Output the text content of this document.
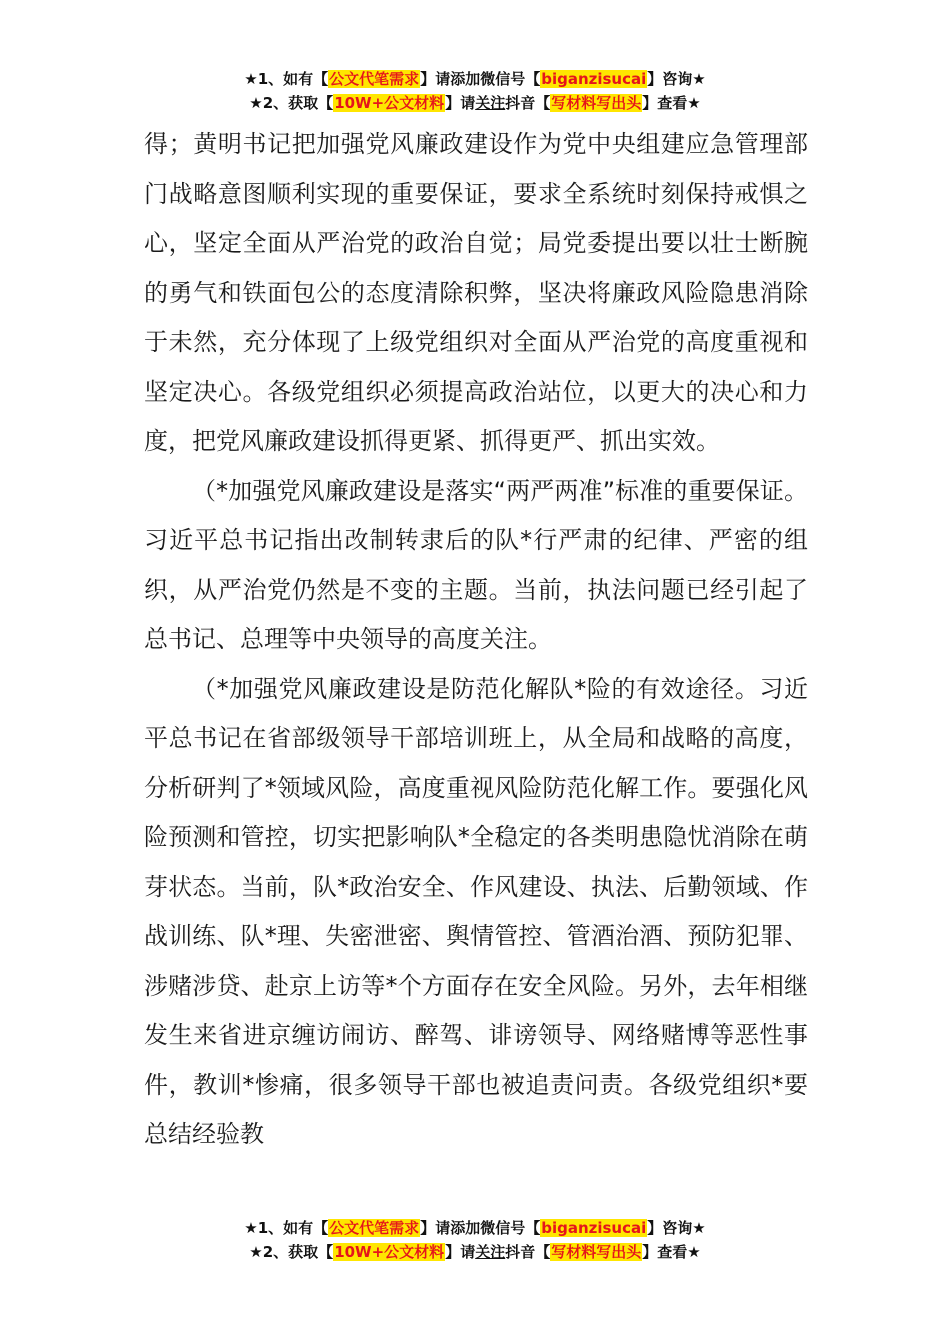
★1、如有【公文代笔需求】请添加微信号【biganzisucai】咨询★
★2、获取【10W+公文材料】请关注抖音【写材料写出头】查看★

得；黄明书记把加强党风廉政建设作为党中央组建应急管理部门战略意图顺利实现的重要保证，要求全系统时刻保持戒惧之心，坚定全面从严治党的政治自觉；局党委提出要以壮士断腕的勇气和铁面包公的态度清除积弊，坚决将廉政风险隐患消除于未然，充分体现了上级党组织对全面从严治党的高度重视和坚定决心。各级党组织必须提高政治站位，以更大的决心和力度，把党风廉政建设抓得更紧、抓得更严、抓出实效。

（*加强党风廉政建设是落实“两严两准”标准的重要保证。习近平总书记指出改制转隶后的队*行严肃的纪律、严密的组织，从严治党仍然是不变的主题。当前，执法问题已经引起了总书记、总理等中央领导的高度关注。

（*加强党风廉政建设是防范化解队*险的有效途径。习近平总书记在省部级领导干部培训班上，从全局和战略的高度，分析研判了*领域风险，高度重视风险防范化解工作。要强化风险预测和管控，切实把影响队*全稳定的各类明患隐忧消除在萌芽状态。当前，队*政治安全、作风建设、执法、后勤领域、作战训练、队*理、失密泄密、舆情管控、管酒治酒、预防犯罪、涉赌涉贷、赴京上访等*个方面存在安全风险。另外，去年相继发生来省进京缠访闹访、醉驾、诽谤领导、网络赌博等恶性事件，教训*惨痛，很多领导干部也被追责问责。各级党组织*要总结经验教

★1、如有【公文代笔需求】请添加微信号【biganzisucai】咨询★
★2、获取【10W+公文材料】请关注抖音【写材料写出头】查看★
